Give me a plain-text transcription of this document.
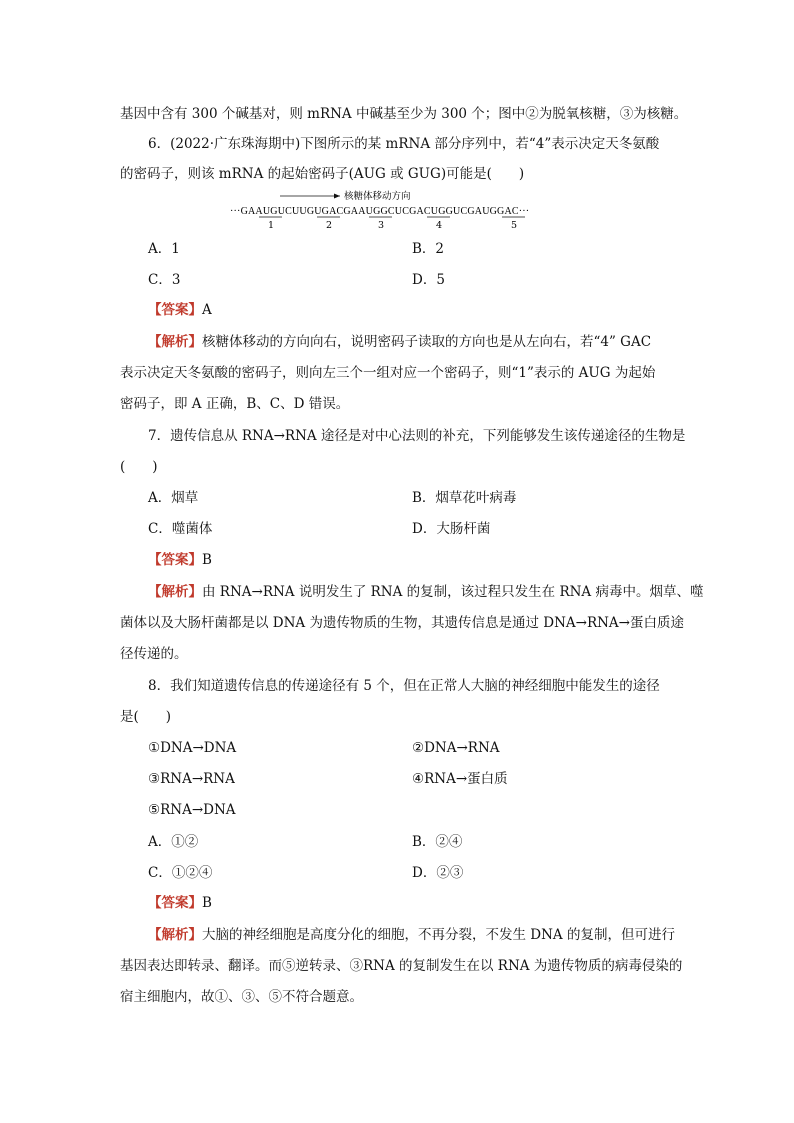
基因中含有 300 个碱基对，则 mRNA 中碱基至少为 300 个；图中②为脱氧核糖，③为核糖。
6．(2022·广东珠海期中)下图所示的某 mRNA 部分序列中，若“4”表示决定天冬氨酸
的密码子，则该 mRNA 的起始密码子(AUG 或 GUG)可能是(　　)
核糖体移动方向
···GAAUGUCUUGUGACGAAUGGCUCGACUGGUCGAUGGAC···
1	2	3	4	5
A．1	B．2
C．3	D．5
【答案】A
【解析】核糖体移动的方向向右，说明密码子读取的方向也是从左向右，若“4” GAC
表示决定天冬氨酸的密码子，则向左三个一组对应一个密码子，则“1”表示的 AUG 为起始
密码子，即 A 正确，B、C、D 错误。
7．遗传信息从 RNA→RNA 途径是对中心法则的补充，下列能够发生该传递途径的生物是
(　　)
A．烟草	B．烟草花叶病毒
C．噬菌体	D．大肠杆菌
【答案】B
【解析】由 RNA→RNA 说明发生了 RNA 的复制，该过程只发生在 RNA 病毒中。烟草、噬
菌体以及大肠杆菌都是以 DNA 为遗传物质的生物，其遗传信息是通过 DNA→RNA→蛋白质途
径传递的。
8．我们知道遗传信息的传递途径有 5 个，但在正常人大脑的神经细胞中能发生的途径
是(　　)
①DNA→DNA	②DNA→RNA
③RNA→RNA	④RNA→蛋白质
⑤RNA→DNA
A．①②	B．②④
C．①②④	D．②③
【答案】B
【解析】大脑的神经细胞是高度分化的细胞，不再分裂，不发生 DNA 的复制，但可进行
基因表达即转录、翻译。而⑤逆转录、③RNA 的复制发生在以 RNA 为遗传物质的病毒侵染的
宿主细胞内，故①、③、⑤不符合题意。
